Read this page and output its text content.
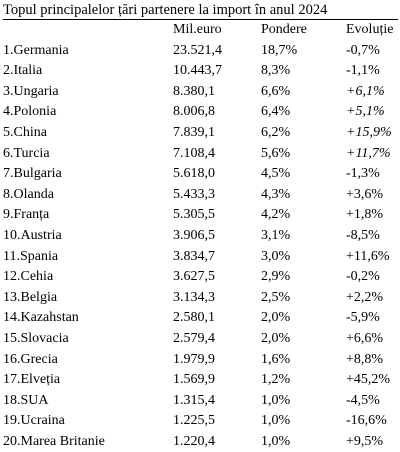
Topul principalelor țări partenere la import în anul 2024
	Mil.euro	Pondere	Evoluție
1.Germania	23.521,4	18,7%	-0,7%
2.Italia	10.443,7	8,3%	-1,1%
3.Ungaria	8.380,1	6,6%	+6,1%
4.Polonia	8.006,8	6,4%	+5,1%
5.China	7.839,1	6,2%	+15,9%
6.Turcia	7.108,4	5,6%	+11,7%
7.Bulgaria	5.618,0	4,5%	-1,3%
8.Olanda	5.433,3	4,3%	+3,6%
9.Franța	5.305,5	4,2%	+1,8%
10.Austria	3.906,5	3,1%	-8,5%
11.Spania	3.834,7	3,0%	+11,6%
12.Cehia	3.627,5	2,9%	-0,2%
13.Belgia	3.134,3	2,5%	+2,2%
14.Kazahstan	2.580,1	2,0%	-5,9%
15.Slovacia	2.579,4	2,0%	+6,6%
16.Grecia	1.979,9	1,6%	+8,8%
17.Elveția	1.569,9	1,2%	+45,2%
18.SUA	1.315,4	1,0%	-4,5%
19.Ucraina	1.225,5	1,0%	-16,6%
20.Marea Britanie	1.220,4	1,0%	+9,5%
